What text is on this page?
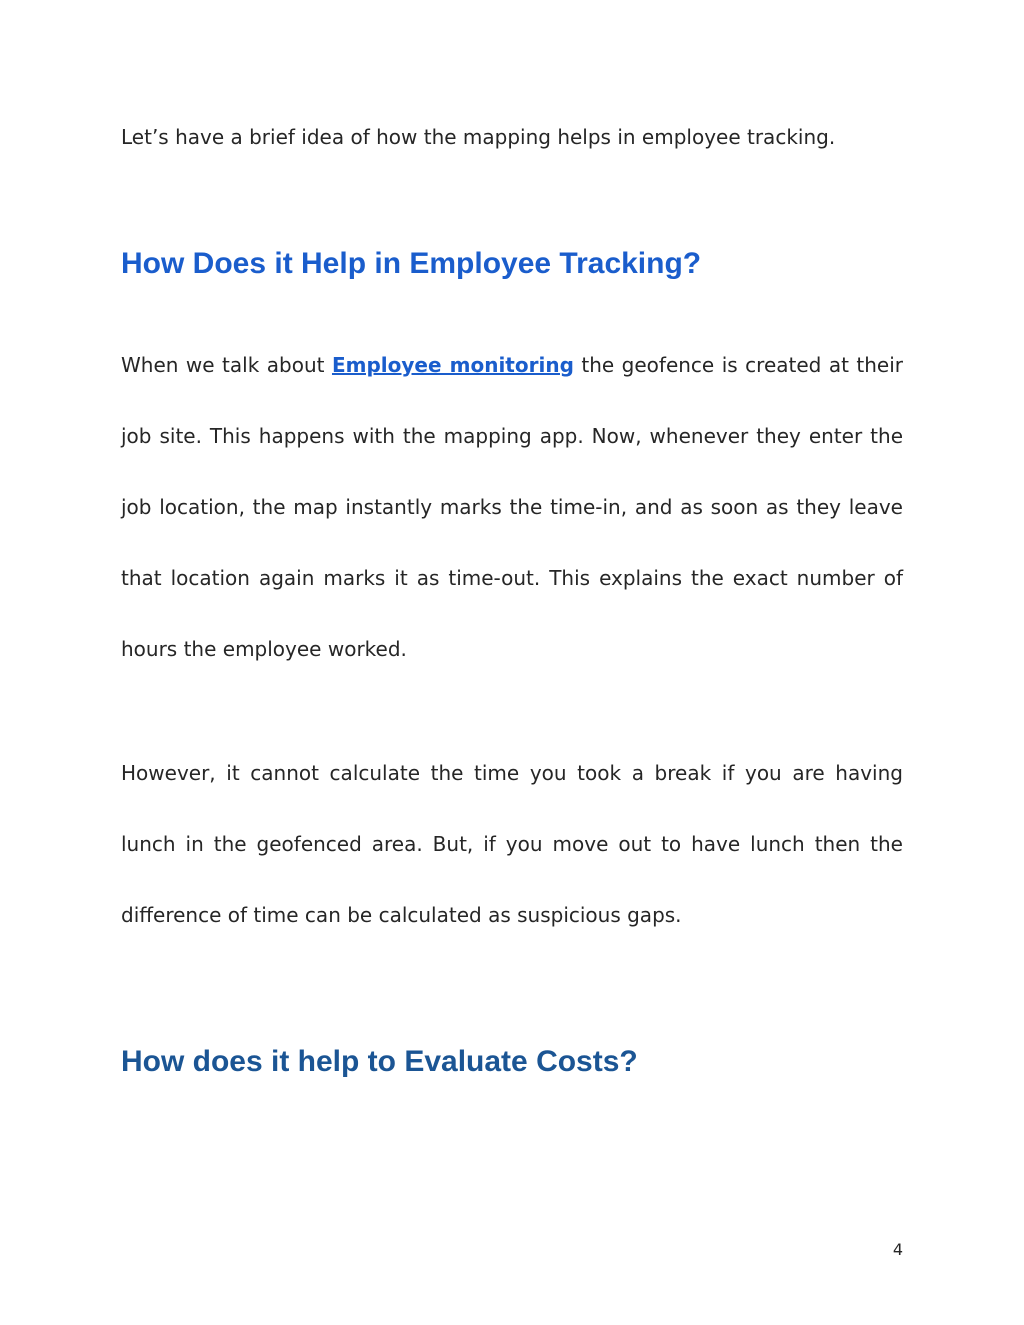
Let’s have a brief idea of how the mapping helps in employee tracking.

How Does it Help in Employee Tracking?

When we talk about Employee monitoring the geofence is created at their job site. This happens with the mapping app. Now, whenever they enter the job location, the map instantly marks the time-in, and as soon as they leave that location again marks it as time-out. This explains the exact number of hours the employee worked.

However, it cannot calculate the time you took a break if you are having lunch in the geofenced area. But, if you move out to have lunch then the difference of time can be calculated as suspicious gaps.

How does it help to Evaluate Costs?
4
